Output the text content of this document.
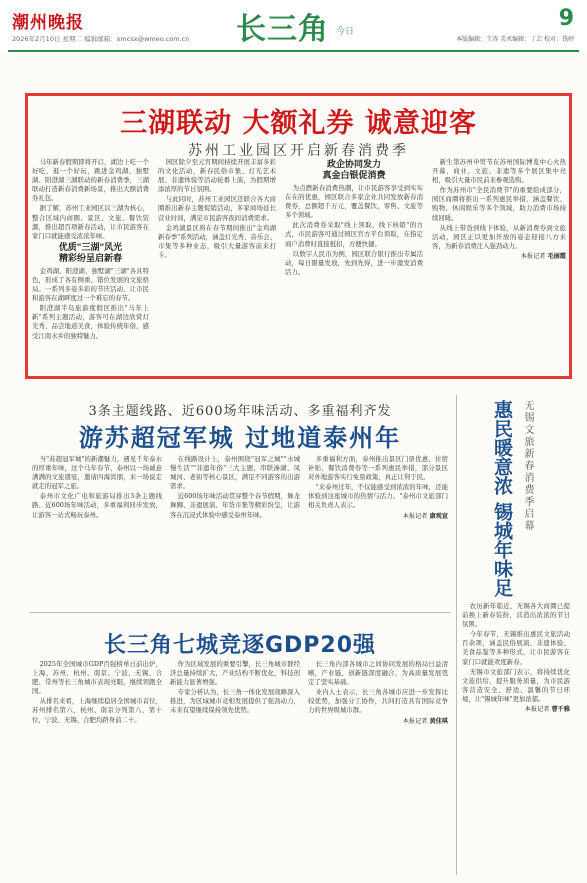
潮州晚报
2026年2月10日 星期二 编辑邮箱：xmcsx@wmeo.com.cn 长三角 今日
9
本版编辑：王涛 美术编辑：丁芸 校对：钱婷
三湖联动 大额礼券 诚意迎客
苏州工业园区开启新春消费季

马年新春假期即将开启，湖边上吃一个好吃、逛一个好玩，跳进金鸡湖、独墅湖、阳澄湖三湖联动的新春消费季，三湖联动打造新春消费新场景，推出大额消费券礼包。

据了解，苏州工业园区以三湖为核心，整合区域内商圈、景区、文旅、餐饮资源，推出超百项新春活动，让市民游客在家门口就能感受浓浓年味。

优质"三湖"风光
精彩纷呈启新春

金鸡湖、阳澄湖、独墅湖"三湖"各具特色，形成了各有侧重、错位发展的文旅格局。一系列多姿多彩的节庆活动，让市民和游客在湖畔度过一个难忘的春节。

阳澄湖半岛旅游度假区推出"马年上新"系列主题活动，游客可在湖边欣赏灯光秀、品尝地道美食，体验传统年俗，感受江南水乡的独特魅力。

园区除夕至元宵期间持续开展丰富多彩的文化活动，新春民俗市集、灯光艺术展、非遗体验等活动轮番上演，为假期增添浓厚的节日氛围。

与此同时，苏州工业园区还联合各大商圈推出新春主题促销活动，多家商场延长营业时间，满足市民游客夜间消费需求。

金鸡湖景区将在春节期间推出"金鸡湖新春季"系列活动，涵盖灯光秀、音乐会、市集等多种业态，吸引大量游客前来打卡。

政企协同发力
真金白银促消费

为点燃新春消费热潮，让市民游客享受到实实在在的优惠，园区联合多家企业共同发放新春消费券，总额超千万元，覆盖餐饮、零售、文旅等多个领域。

此次消费券采取"线上领取、线下核销"的方式，市民游客可通过园区官方平台领取，在指定商户消费时直接抵扣，方便快捷。

以数字人民币为例，园区联合银行推出专属活动，每日限量发放，先到先得，进一步激发消费活力。

新生第苏州申贸节在苏州国际博览中心火热开幕，商业、文旅、非遗等多个展区集中亮相，吸引大量市民前来参观选购。

作为苏州市"全民消费节"的重要组成部分，园区商圈将推出一系列惠民举措，涵盖餐饮、购物、休闲娱乐等多个领域，助力消费市场持续回暖。

从线上带货到线下体验，从新消费券到文旅活动，园区正以更加开放的姿态迎接八方来客，为新春消费注入强劲动力。

本报记者 毛丽霞
3条主题线路、近600场年味活动、多重福利齐发
游苏超冠军城 过地道泰州年

当"苏超冠军城"的新潮魅力，遇见千年泰水的厚重年味，这个马年春节，泰州以一场诚意满满的文旅盛宴，邀请四海宾朋，来一场说走就走的冠军之旅。

泰州市文化广电和旅游局推出3条主题线路、近600场年味活动，多重福利同步发放，让游客一站式畅玩泰州。

在线路设计上，泰州围绕"冠军之城""水城慢生活""非遗年俗"三大主题，串联溱湖、凤城河、老街等核心景区，满足不同游客的出游需求。

近600场年味活动贯穿整个春节假期，舞龙舞狮、非遗展演、年货市集等精彩纷呈，让游客在沉浸式体验中感受泰州年味。

多重福利方面，泰州推出景区门票优惠、住宿补贴、餐饮消费券等一系列惠民举措，部分景区对外地游客实行免票政策，真正让利于民。

"来泰州过年，不仅能感受到浓浓的年味，还能体验到这座城市的热情与活力。"泰州市文旅部门相关负责人表示。

本报记者 康观宣	惠民暖意浓 锡城年味足 无锡文旅新春消费季启幕

农历新年临近，无锡各大商圈已提前换上新春装扮，营造出浓浓的节日氛围。

今年春节，无锡推出惠民文旅活动百余项，涵盖民俗展演、非遗体验、美食品鉴等多种形式，让市民游客在家门口就能欢度新春。

无锡市文旅部门表示，将持续优化文旅供给，提升服务质量，为市民游客营造安全、舒适、温馨的节日环境，让"锡城年味"更加浓郁。

本报记者 曹千雅
长三角七城竞逐GDP20强

2025年全国城市GDP百强榜单日前出炉，上海、苏州、杭州、南京、宁波、无锡、合肥、常州等长三角城市表现亮眼，继续领跑全国。

从排名来看，上海继续稳居全国城市首位，苏州排名第六，杭州、南京分列第八、第十位，宁波、无锡、合肥均跻身前二十。

作为区域发展的重要引擎，长三角城市群经济总量持续扩大，产业结构不断优化，科技创新能力显著增强。

专家分析认为，长三角一体化发展战略深入推进，为区域城市竞相发展提供了强劲动力，未来有望继续保持领先优势。

长三角内部各城市之间协同发展的格局日益清晰，产业链、创新链深度融合，为高质量发展奠定了坚实基础。

业内人士表示，长三角各城市应进一步发挥比较优势，加强分工协作，共同打造具有国际竞争力的世界级城市群。

本报记者 黄佳琪
